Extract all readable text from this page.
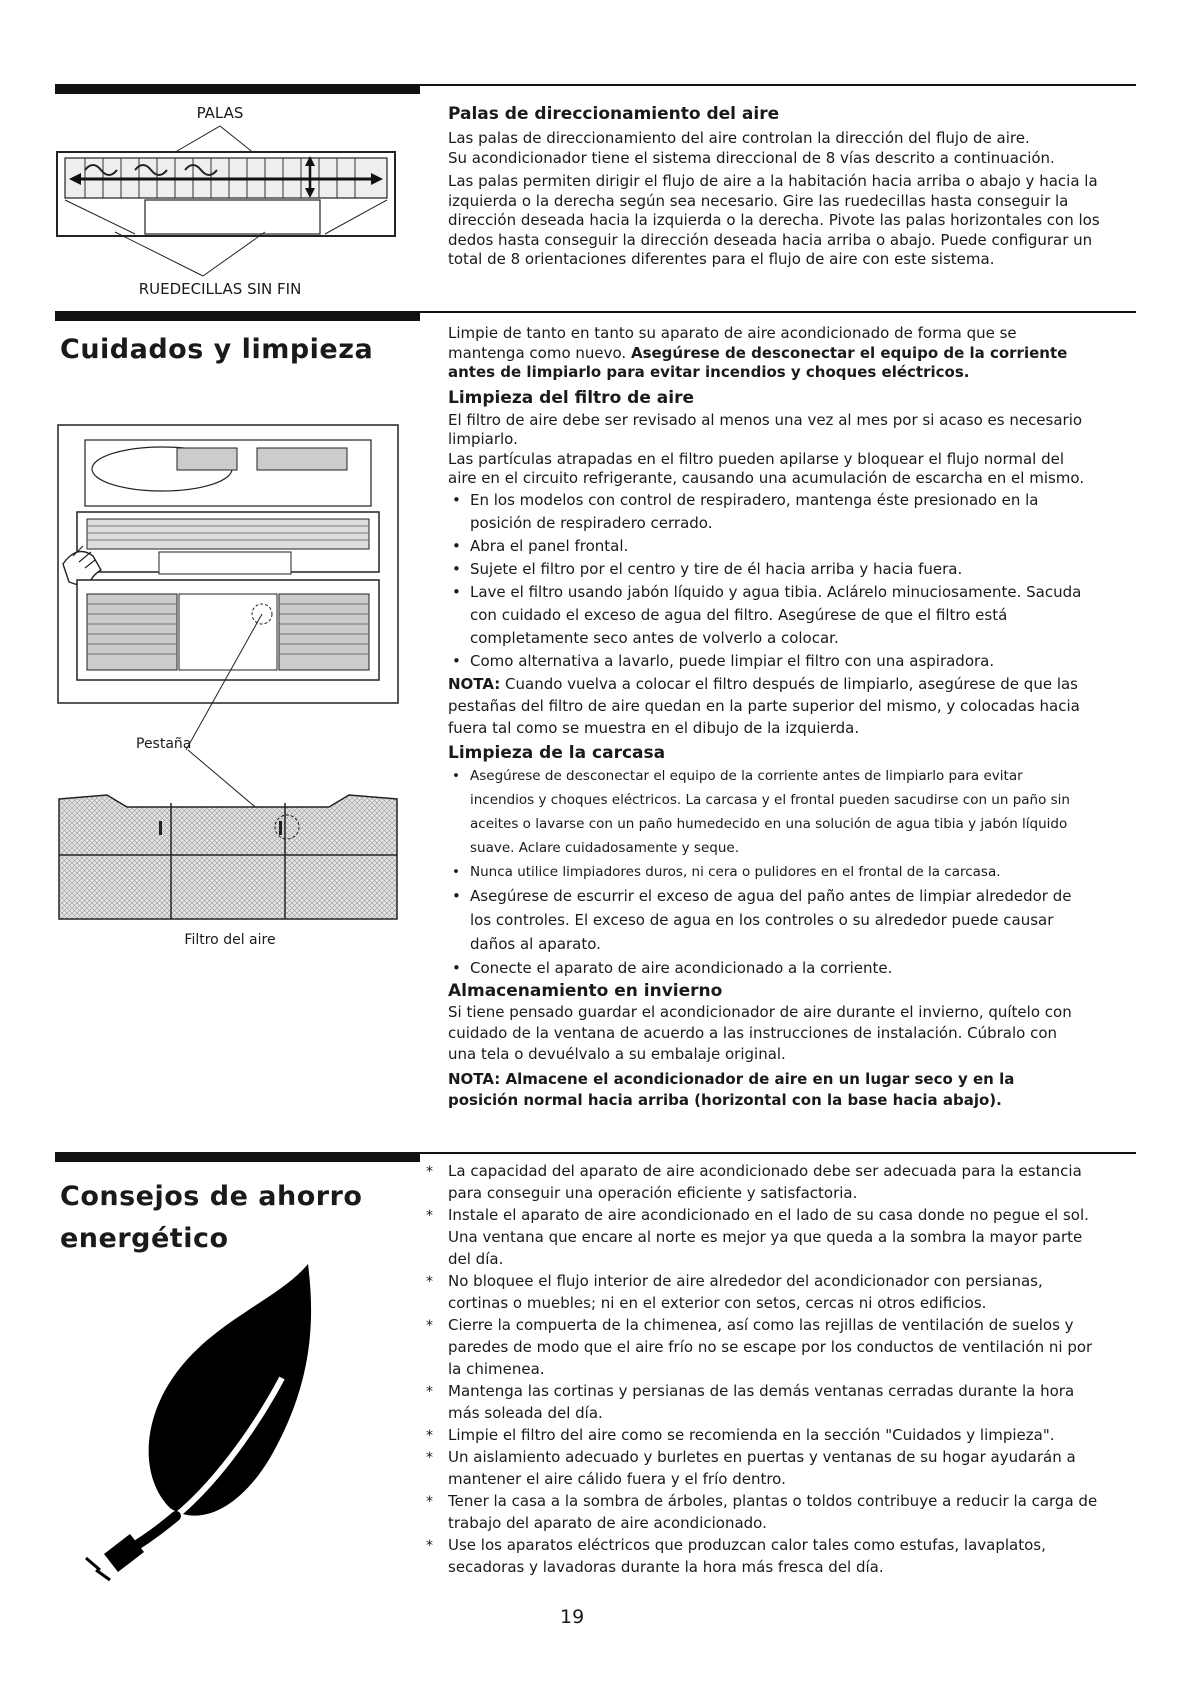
PALAS
RUEDECILLAS SIN FIN
Palas de direccionamiento del aire

Las palas de direccionamiento del aire controlan la dirección del flujo de aire.

Su acondicionador tiene el sistema direccional de 8 vías descrito a continuación.

Las palas permiten dirigir el flujo de aire a la habitación hacia arriba o abajo y hacia la izquierda o la derecha según sea necesario. Gire las ruedecillas hasta conseguir la dirección deseada hacia la izquierda o la derecha. Pivote las palas horizontales con los dedos hasta conseguir la dirección deseada hacia arriba o abajo. Puede configurar un total de 8 orientaciones diferentes para el flujo de aire con este sistema.

Cuidados y limpieza

Limpie de tanto en tanto su aparato de aire acondicionado de forma que se mantenga como nuevo. Asegúrese de desconectar el equipo de la corriente antes de limpiarlo para evitar incendios y choques eléctricos.

Limpieza del filtro de aire

El filtro de aire debe ser revisado al menos una vez al mes por si acaso es necesario limpiarlo.

Las partículas atrapadas en el filtro pueden apilarse y bloquear el flujo normal del aire en el circuito refrigerante, causando una acumulación de escarcha en el mismo.

• En los modelos con control de respiradero, mantenga éste presionado en la posición de respiradero cerrado.
• Abra el panel frontal.
• Sujete el filtro por el centro y tire de él hacia arriba y hacia fuera.
• Lave el filtro usando jabón líquido y agua tibia. Aclárelo minuciosamente. Sacuda con cuidado el exceso de agua del filtro. Asegúrese de que el filtro está completamente seco antes de volverlo a colocar.
• Como alternativa a lavarlo, puede limpiar el filtro con una aspiradora.

NOTA: Cuando vuelva a colocar el filtro después de limpiarlo, asegúrese de que las pestañas del filtro de aire quedan en la parte superior del mismo, y colocadas hacia fuera tal como se muestra en el dibujo de la izquierda.

Limpieza de la carcasa
• Asegúrese de desconectar el equipo de la corriente antes de limpiarlo para evitar incendios y choques eléctricos. La carcasa y el frontal pueden sacudirse con un paño sin aceites o lavarse con un paño humedecido en una solución de agua tibia y jabón líquido suave. Aclare cuidadosamente y seque.
• Nunca utilice limpiadores duros, ni cera o pulidores en el frontal de la carcasa.
• Asegúrese de escurrir el exceso de agua del paño antes de limpiar alrededor de los controles. El exceso de agua en los controles o su alrededor puede causar daños al aparato.
• Conecte el aparato de aire acondicionado a la corriente.
Almacenamiento en invierno

Si tiene pensado guardar el acondicionador de aire durante el invierno, quítelo con cuidado de la ventana de acuerdo a las instrucciones de instalación. Cúbralo con una tela o devuélvalo a su embalaje original.

NOTA: Almacene el acondicionador de aire en un lugar seco y en la posición normal hacia arriba (horizontal con la base hacia abajo).

Pestaña
Filtro del aire
Consejos de ahorro
energético
* La capacidad del aparato de aire acondicionado debe ser adecuada para la estancia para conseguir una operación eficiente y satisfactoria.
* Instale el aparato de aire acondicionado en el lado de su casa donde no pegue el sol. Una ventana que encare al norte es mejor ya que queda a la sombra la mayor parte del día.
* No bloquee el flujo interior de aire alrededor del acondicionador con persianas, cortinas o muebles; ni en el exterior con setos, cercas ni otros edificios.
* Cierre la compuerta de la chimenea, así como las rejillas de ventilación de suelos y paredes de modo que el aire frío no se escape por los conductos de ventilación ni por la chimenea.
* Mantenga las cortinas y persianas de las demás ventanas cerradas durante la hora más soleada del día.
* Limpie el filtro del aire como se recomienda en la sección "Cuidados y limpieza".
* Un aislamiento adecuado y burletes en puertas y ventanas de su hogar ayudarán a mantener el aire cálido fuera y el frío dentro.
* Tener la casa a la sombra de árboles, plantas o toldos contribuye a reducir la carga de trabajo del aparato de aire acondicionado.
* Use los aparatos eléctricos que produzcan calor tales como estufas, lavaplatos, secadoras y lavadoras durante la hora más fresca del día.
19
